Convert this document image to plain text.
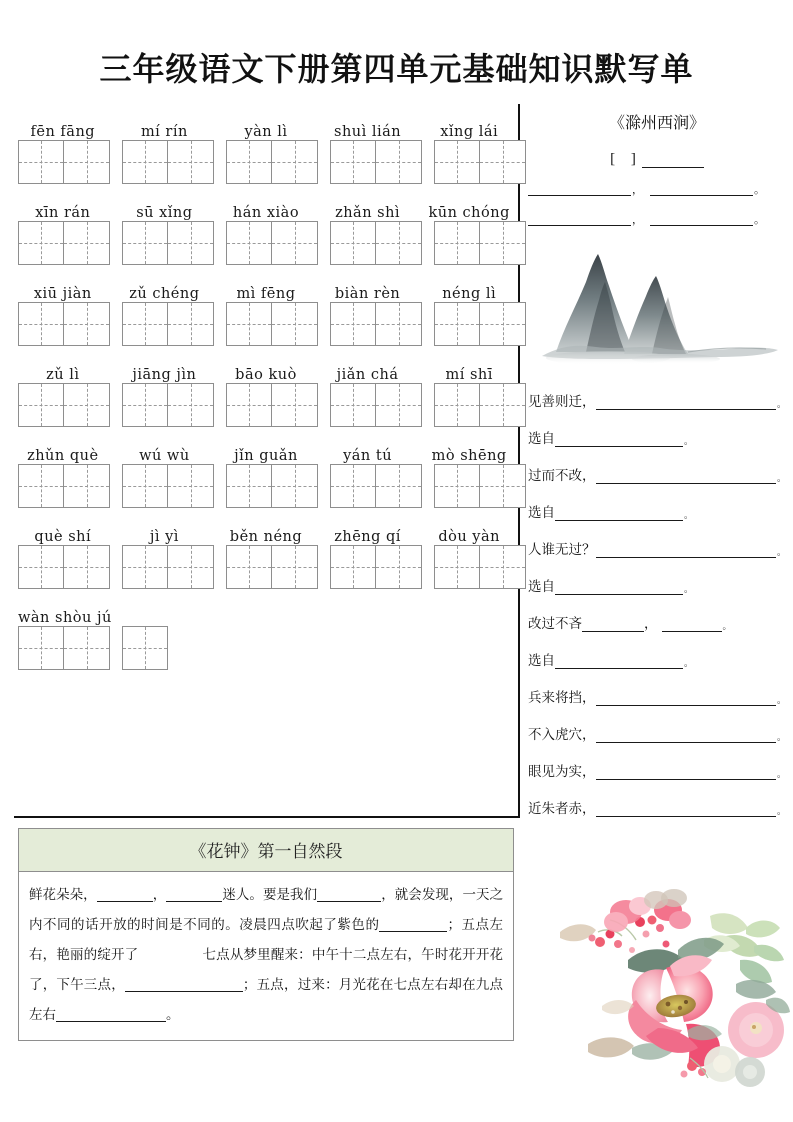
三年级语文下册第四单元基础知识默写单
fēn fāng	mí rín	yàn lì	shuì lián	xǐng lái
xīn rán	sū xǐng	hán xiào	zhǎn shì	kūn chóng
xiū jiàn	zǔ chéng	mì fēng	biàn rèn	néng lì
zǔ lì	jiāng jìn	bāo kuò	jiǎn chá	mí shī
zhǔn què	wú wù	jǐn guǎn	yán tú	mò shēng
què shí	jì yì	běn néng	zhēng qí	dòu yàn
wàn shòu jú
《滁州西涧》
[ ]
，	。
，	。
见善则迁，	。
选自	。
过而不改，	。
选自	。
人谁无过？	。
选自	。
改过不吝	，	。
选自	。
兵来将挡，	。
不入虎穴，	。
眼见为实，	。
近朱者赤，	。
《花钟》第一自然段
鲜花朵朵，	，	迷人。要是我们	，就会发现，一天之内不同的话开放的时间是不同的。凌晨四点吹起了紫色的	；五点左右，艳丽的绽开了	七点从梦里醒来：中午十二点左右，午时花开开花了，下午三点，	；五点，过来：月光花在七点左右却在九点左右	。
